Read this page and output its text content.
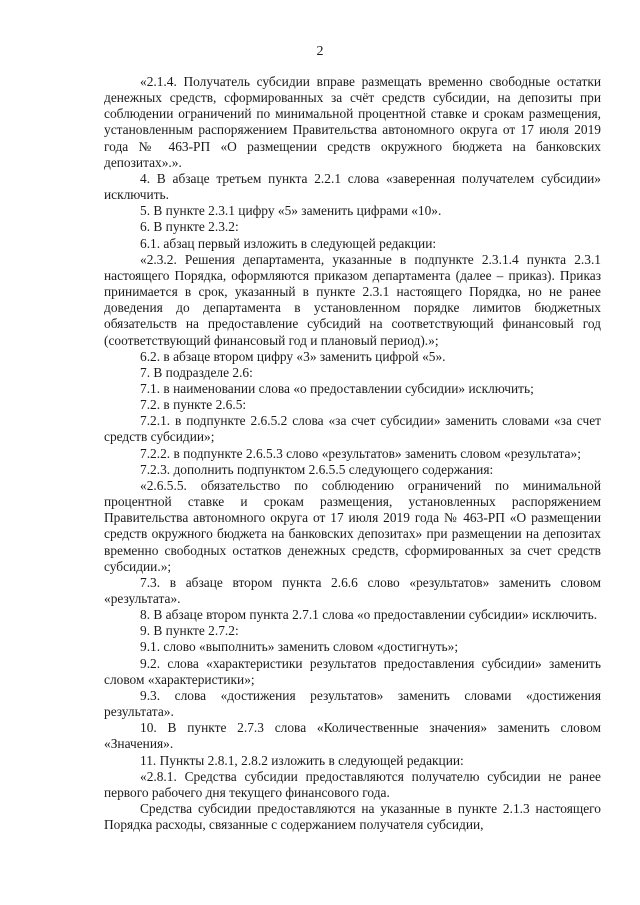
2

«2.1.4. Получатель субсидии вправе размещать временно свободные остатки денежных средств, сформированных за счёт средств субсидии, на депозиты при соблюдении ограничений по минимальной процентной ставке и срокам размещения, установленным распоряжением Правительства автономного округа от 17 июля 2019 года № 463-РП «О размещении средств окружного бюджета на банковских депозитах».».

4. В абзаце третьем пункта 2.2.1 слова «заверенная получателем субсидии» исключить.

5. В пункте 2.3.1 цифру «5» заменить цифрами «10».

6. В пункте 2.3.2:

6.1. абзац первый изложить в следующей редакции:

«2.3.2. Решения департамента, указанные в подпункте 2.3.1.4 пункта 2.3.1 настоящего Порядка, оформляются приказом департамента (далее – приказ). Приказ принимается в срок, указанный в пункте 2.3.1 настоящего Порядка, но не ранее доведения до департамента в установленном порядке лимитов бюджетных обязательств на предоставление субсидий на соответствующий финансовый год (соответствующий финансовый год и плановый период).»;

6.2. в абзаце втором цифру «3» заменить цифрой «5».

7. В подразделе 2.6:

7.1. в наименовании слова «о предоставлении субсидии» исключить;

7.2. в пункте 2.6.5:

7.2.1. в подпункте 2.6.5.2 слова «за счет субсидии» заменить словами «за счет средств субсидии»;

7.2.2. в подпункте 2.6.5.3 слово «результатов» заменить словом «результата»;

7.2.3. дополнить подпунктом 2.6.5.5 следующего содержания:

«2.6.5.5. обязательство по соблюдению ограничений по минимальной процентной ставке и срокам размещения, установленных распоряжением Правительства автономного округа от 17 июля 2019 года № 463-РП «О размещении средств окружного бюджета на банковских депозитах» при размещении на депозитах временно свободных остатков денежных средств, сформированных за счет средств субсидии.»;

7.3. в абзаце втором пункта 2.6.6 слово «результатов» заменить словом «результата».

8. В абзаце втором пункта 2.7.1 слова «о предоставлении субсидии» исключить.

9. В пункте 2.7.2:

9.1. слово «выполнить» заменить словом «достигнуть»;

9.2. слова «характеристики результатов предоставления субсидии» заменить словом «характеристики»;

9.3. слова «достижения результатов» заменить словами «достижения результата».

10. В пункте 2.7.3 слова «Количественные значения» заменить словом «Значения».

11. Пункты 2.8.1, 2.8.2 изложить в следующей редакции:

«2.8.1. Средства субсидии предоставляются получателю субсидии не ранее первого рабочего дня текущего финансового года.

Средства субсидии предоставляются на указанные в пункте 2.1.3 настоящего Порядка расходы, связанные с содержанием получателя субсидии,
